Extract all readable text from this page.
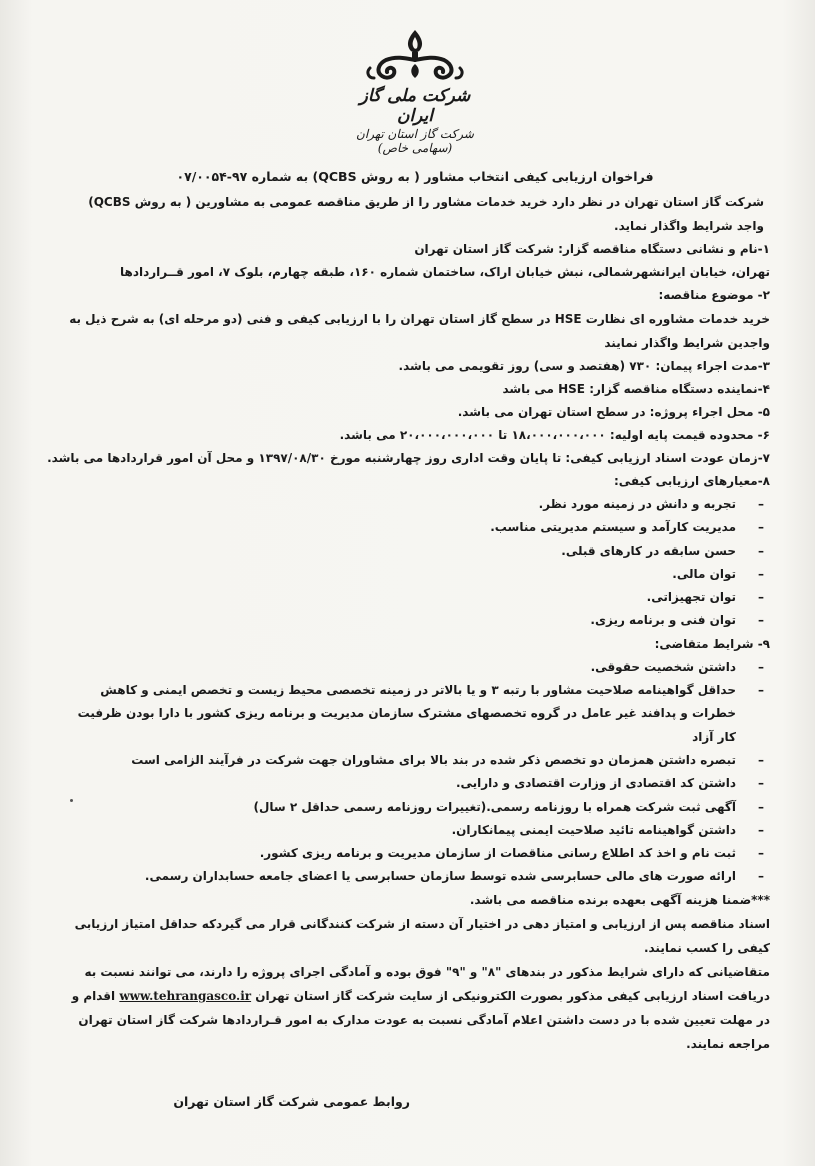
شرکت ملی گاز ایران
شرکت گاز استان تهران (سهامی خاص)
فراخوان ارزیابی کیفی انتخاب مشاور ( به روش QCBS) به شماره ۹۷-۰۷/۰۰۵۴
شرکت گاز استان تهران در نظر دارد خرید خدمات مشاور را از طریق مناقصه عمومی به مشاورین ( به روش QCBS) واجد شرایط واگذار نماید.
۱-نام و نشانی دستگاه مناقصه گزار: شرکت گاز استان تهران
تهران، خیابان ایرانشهرشمالی، نبش خیابان اراک، ساختمان شماره ۱۶۰، طبقه چهارم، بلوک ۷، امور قــراردادها
۲- موضوع مناقصه:
خرید خدمات مشاوره ای نظارت HSE در سطح گاز استان تهران را با ارزیابی کیفی و فنی (دو مرحله ای) به شرح ذیل به واجدین شرایط واگذار نمایند
۳-مدت اجراء پیمان: ۷۳۰ (هفتصد و سی) روز تقویمی می باشد.
۴-نماینده دستگاه مناقصه گزار: HSE می باشد
۵- محل اجراء پروژه: در سطح استان تهران می باشد.
۶- محدوده قیمت پایه اولیه: ۱۸،۰۰۰،۰۰۰،۰۰۰ تا ۲۰،۰۰۰،۰۰۰،۰۰۰ می باشد.
۷-زمان عودت اسناد ارزیابی کیفی: تا پایان وقت اداری روز چهارشنبه مورخ ۱۳۹۷/۰۸/۳۰ و محل آن امور قراردادها می باشد.
۸-معیارهای ارزیابی کیفی:
– تجربه و دانش در زمینه مورد نظر.
– مدیریت کارآمد و سیستم مدیریتی مناسب.
– حسن سابقه در کارهای قبلی.
– توان مالی.
– توان تجهیزاتی.
– توان فنی و برنامه ریزی.
۹- شرایط متقاضی:
– داشتن شخصیت حقوقی.
– حداقل گواهینامه صلاحیت مشاور با رتبه ۳ و یا بالاتر در زمینه تخصصی محیط زیست و تخصص ایمنی و کاهش خطرات و پدافند غیر عامل در گروه تخصصهای مشترک سازمان مدیریت و برنامه ریزی کشور با دارا بودن ظرفیت کار آزاد
– تبصره داشتن همزمان دو تخصص ذکر شده در بند بالا برای مشاوران جهت شرکت در فرآیند الزامی است
– داشتن کد اقتصادی از وزارت اقتصادی و دارایی.
– آگهی ثبت شرکت همراه با روزنامه رسمی.(تغییرات روزنامه رسمی حداقل ۲ سال)
– داشتن گواهینامه تائید صلاحیت ایمنی پیمانکاران.
– ثبت نام و اخذ کد اطلاع رسانی مناقصات از سازمان مدیریت و برنامه ریزی کشور.
– ارائه صورت های مالی حسابرسی شده توسط سازمان حسابرسی یا اعضای جامعه حسابداران رسمی.
***ضمنا هزینه آگهی بعهده برنده مناقصه می باشد.
اسناد مناقصه پس از ارزیابی و امتیاز دهی در اختیار آن دسته از شرکت کنندگانی قرار می گیردکه حداقل امتیاز ارزیابی کیفی را کسب نمایند.
متقاضیانی که دارای شرایط مذکور در بندهای "۸" و "۹" فوق بوده و آمادگی اجرای پروژه را دارند، می توانند نسبت به دریافت اسناد ارزیابی کیفی مذکور بصورت الکترونیکی از سایت شرکت گاز استان تهران www.tehrangasco.ir اقدام و در مهلت تعیین شده با در دست داشتن اعلام آمادگی نسبت به عودت مدارک به امور قـراردادها شرکت گاز استان تهران مراجعه نمایند.
روابط عمومی شرکت گاز استان تهران
